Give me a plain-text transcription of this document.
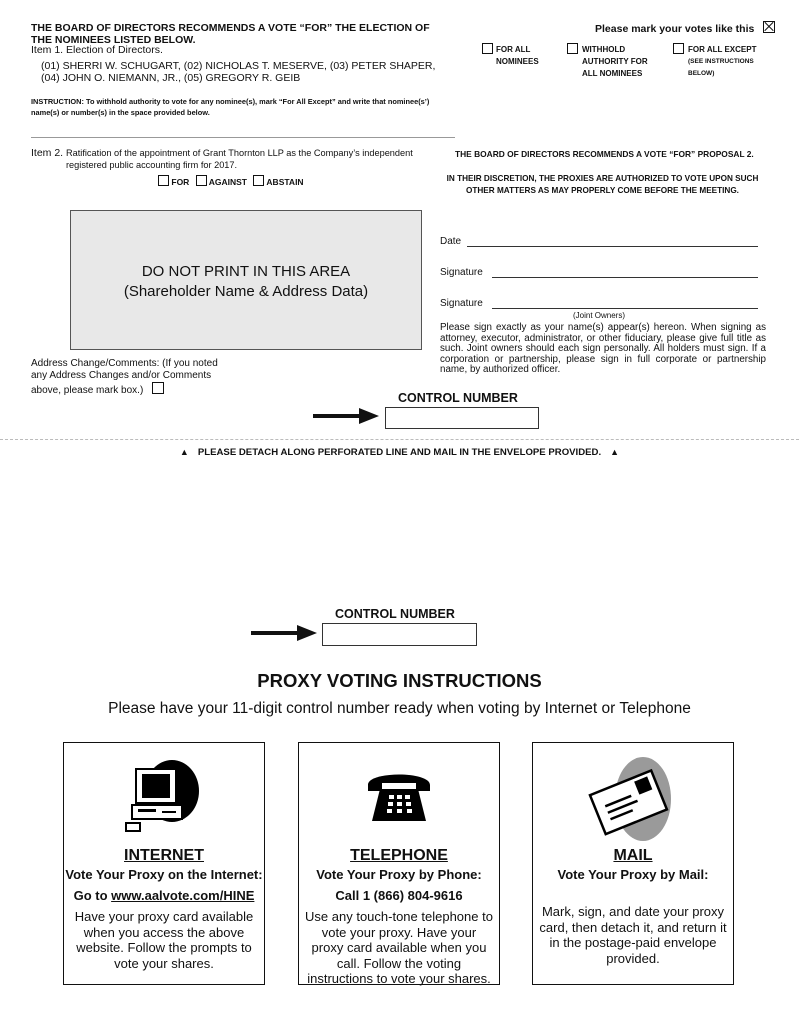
THE BOARD OF DIRECTORS RECOMMENDS A VOTE “FOR” THE ELECTION OF
THE NOMINEES LISTED BELOW.
Item 1. Election of Directors.
(01) SHERRI W. SCHUGART, (02) NICHOLAS T. MESERVE, (03) PETER SHAPER,
(04) JOHN O. NIEMANN, JR., (05) GREGORY R. GEIB
INSTRUCTION: To withhold authority to vote for any nominee(s), mark “For All Except” and write that nominee(s’)
name(s) or number(s) in the space provided below.
Please mark your votes like this
FOR ALL
NOMINEES
WITHHOLD
AUTHORITY FOR
ALL NOMINEES
FOR ALL EXCEPT
(SEE INSTRUCTIONS
BELOW)
Item 2. Ratification of the appointment of Grant Thornton LLP as the Company’s independent
registered public accounting firm for 2017.
FOR AGAINST ABSTAIN
THE BOARD OF DIRECTORS RECOMMENDS A VOTE “FOR” PROPOSAL 2.
IN THEIR DISCRETION, THE PROXIES ARE AUTHORIZED TO VOTE UPON SUCH
OTHER MATTERS AS MAY PROPERLY COME BEFORE THE MEETING.
DO NOT PRINT IN THIS AREA
(Shareholder Name & Address Data)
Date
Signature
Signature
(Joint Owners)
Please sign exactly as your name(s) appear(s) hereon. When signing as attorney, executor, administrator, or other fiduciary, please give full title as such. Joint owners should each sign personally. All holders must sign. If a corporation or partnership, please sign in full corporate or partnership name, by authorized officer.
Address Change/Comments: (If you noted
any Address Changes and/or Comments
above, please mark box.)
CONTROL NUMBER
▲ PLEASE DETACH ALONG PERFORATED LINE AND MAIL IN THE ENVELOPE PROVIDED. ▲
CONTROL NUMBER
PROXY VOTING INSTRUCTIONS
Please have your 11-digit control number ready when voting by Internet or Telephone
INTERNET
Vote Your Proxy on the Internet:
Go to www.aalvote.com/HINE
Have your proxy card available when you access the above website. Follow the prompts to vote your shares.
TELEPHONE
Vote Your Proxy by Phone:
Call 1 (866) 804-9616
Use any touch-tone telephone to vote your proxy. Have your proxy card available when you call. Follow the voting instructions to vote your shares.
MAIL
Vote Your Proxy by Mail:
Mark, sign, and date your proxy card, then detach it, and return it in the postage-paid envelope provided.
